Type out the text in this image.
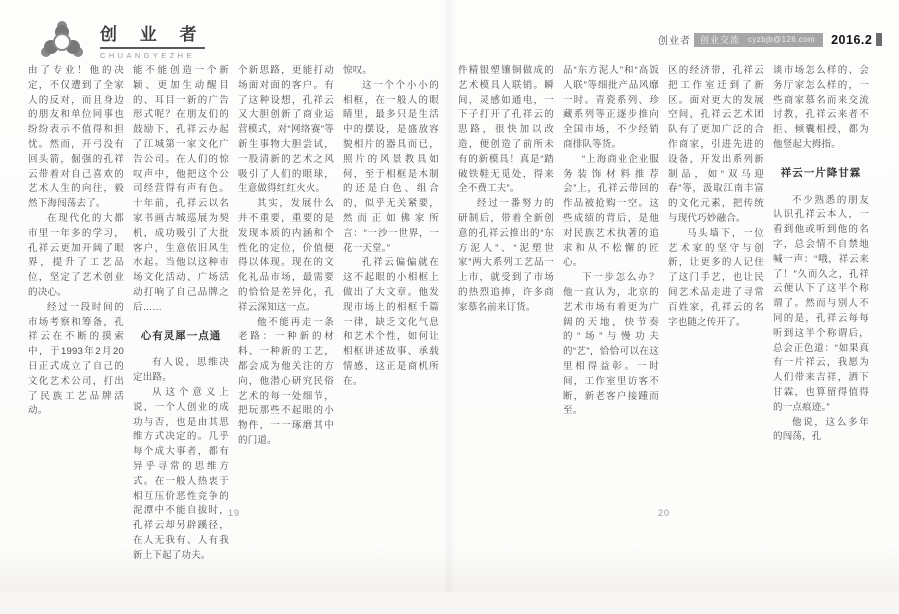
创 业 者
CHUANGYEZHE
创业者	创业交流	cyzbjb@126.com	2016.2

由了专业！他的决定，不仅遭到了全家人的反对，而且身边的朋友和单位同事也纷纷表示不值得和担忧。然而，开弓没有回头箭，倔强的孔祥云带着对自己喜欢的艺术人生的向往，毅然下海闯荡去了。

在现代化的大都市里一年多的学习，孔祥云更加开阔了眼界，提升了工艺品位，坚定了艺术创业的决心。

经过一段时间的市场考察和筹备，孔祥云在不断的摸索中，于1993年2月20日正式成立了自己的文化艺术公司，打出了民族工艺品牌活动。

能不能创造一个新颖、更加生动醒目的、耳目一新的广告形式呢？在朋友们的鼓励下，孔祥云办起了江城第一家文化广告公司。在人们的惊叹声中，他把这个公司经营得有声有色。十年前，孔祥云以名家书画古城巡展为契机，成功吸引了大批客户，生意依旧风生水起。当他以这种市场文化活动、广场活动打响了自己品牌之后……

心有灵犀一点通

有人说，思维决定出路。

从这个意义上说，一个人创业的成功与否，也是由其思维方式决定的。几乎每个成大事者，都有异乎寻常的思维方式。在一般人热衷于相互压价恶性竞争的泥潭中不能自拔时，孔祥云却另辟蹊径，在人无我有、人有我新上下起了功夫。

个新思路，更能打动场面对面的客户。有了这种设想，孔祥云又大胆创新了商业运营模式，对“网络赛”等新生事物大胆尝试，一股清新的艺术之风吸引了人们的眼球，生意做得红红火火。

其实，发展什么并不重要，重要的是发现本质的内涵和个性化的定位，价值便得以体现。现在的文化礼品市场，最需要的恰恰是差异化，孔祥云深知这一点。

他不能再走一条老路：一种新的材料、一种新的工艺，都会成为他关注的方向，他潜心研究民俗艺术的每一处细节，把玩那些不起眼的小物件，一一琢磨其中的门道。

惊叹。

这一个个小小的相框，在一般人的眼睛里，最多只是生活中的摆设，是盛放容貌相片的器具而已，照片的风景教具如何，至于相框是木制的还是白色、组合的，似乎无关紧要，然而正如佛家所言：“一沙一世界，一花一天堂。”

孔祥云偏偏就在这不起眼的小相框上做出了大文章。他发现市场上的相框千篇一律，缺乏文化气息和艺术个性，如何让相框讲述故事、承载情感，这正是商机所在。

件精银塑镶铜做成的艺术模具人联销。瞬间，灵感如通电，一下子打开了孔祥云的思路，很快加以改造，便创造了前所未有的新模具！真是“踏破铁鞋无觅处，得来全不费工夫”。

经过一番努力的研制后，带着全新创意的孔祥云推出的“东方泥人”、“泥塑世家”两大系列工艺品一上市，就受到了市场的热烈追捧，许多商家慕名前来订货。

品“东方泥人”和“高饭人联”等细批产品风靡一时。青瓷系列、珍藏系列等正逐步推向全国市场，不少经销商排队等货。

“上海商业企业服务装饰材料推荐会”上，孔祥云带回的作品被抢购一空。这些成绩的背后，是他对民族艺术执著的追求和从不松懈的匠心。

下一步怎么办？他一直认为，北京的艺术市场有着更为广阔的天地，快节奏的“场”与慢功夫的“艺”，恰恰可以在这里相得益彰。一时间，工作室里访客不断，新老客户接踵而至。

区的经济带，孔祥云把工作室迁到了新区。面对更大的发展空间，孔祥云艺术团队有了更加广泛的合作商家，引进先进的设备，开发出系列新制品，如“双马迎春”等，汲取江南丰富的文化元素，把传统与现代巧妙融合。

马头墙下，一位艺术家的坚守与创新，让更多的人记住了这门手艺，也让民间艺术品走进了寻常百姓家，孔祥云的名字也随之传开了。

谈市场怎么样的、会务厅家怎么样的，一些商家慕名而来交流讨教，孔祥云来者不拒、倾囊相授，都为他竖起大拇指。

祥云一片降甘霖

不少熟悉的朋友认识孔祥云本人，一看到他或听到他的名字，总会情不自禁地喊一声：“哦，祥云来了！”久而久之，孔祥云便认下了这半个称谓了。然而与别人不同的是，孔祥云每每听到这半个称谓后，总会正色道：“如果真有一片祥云，我愿为人们带来吉祥，洒下甘霖，也算留得值得的一点痕迹。”

他说，这么多年的闯荡，孔

19	20
